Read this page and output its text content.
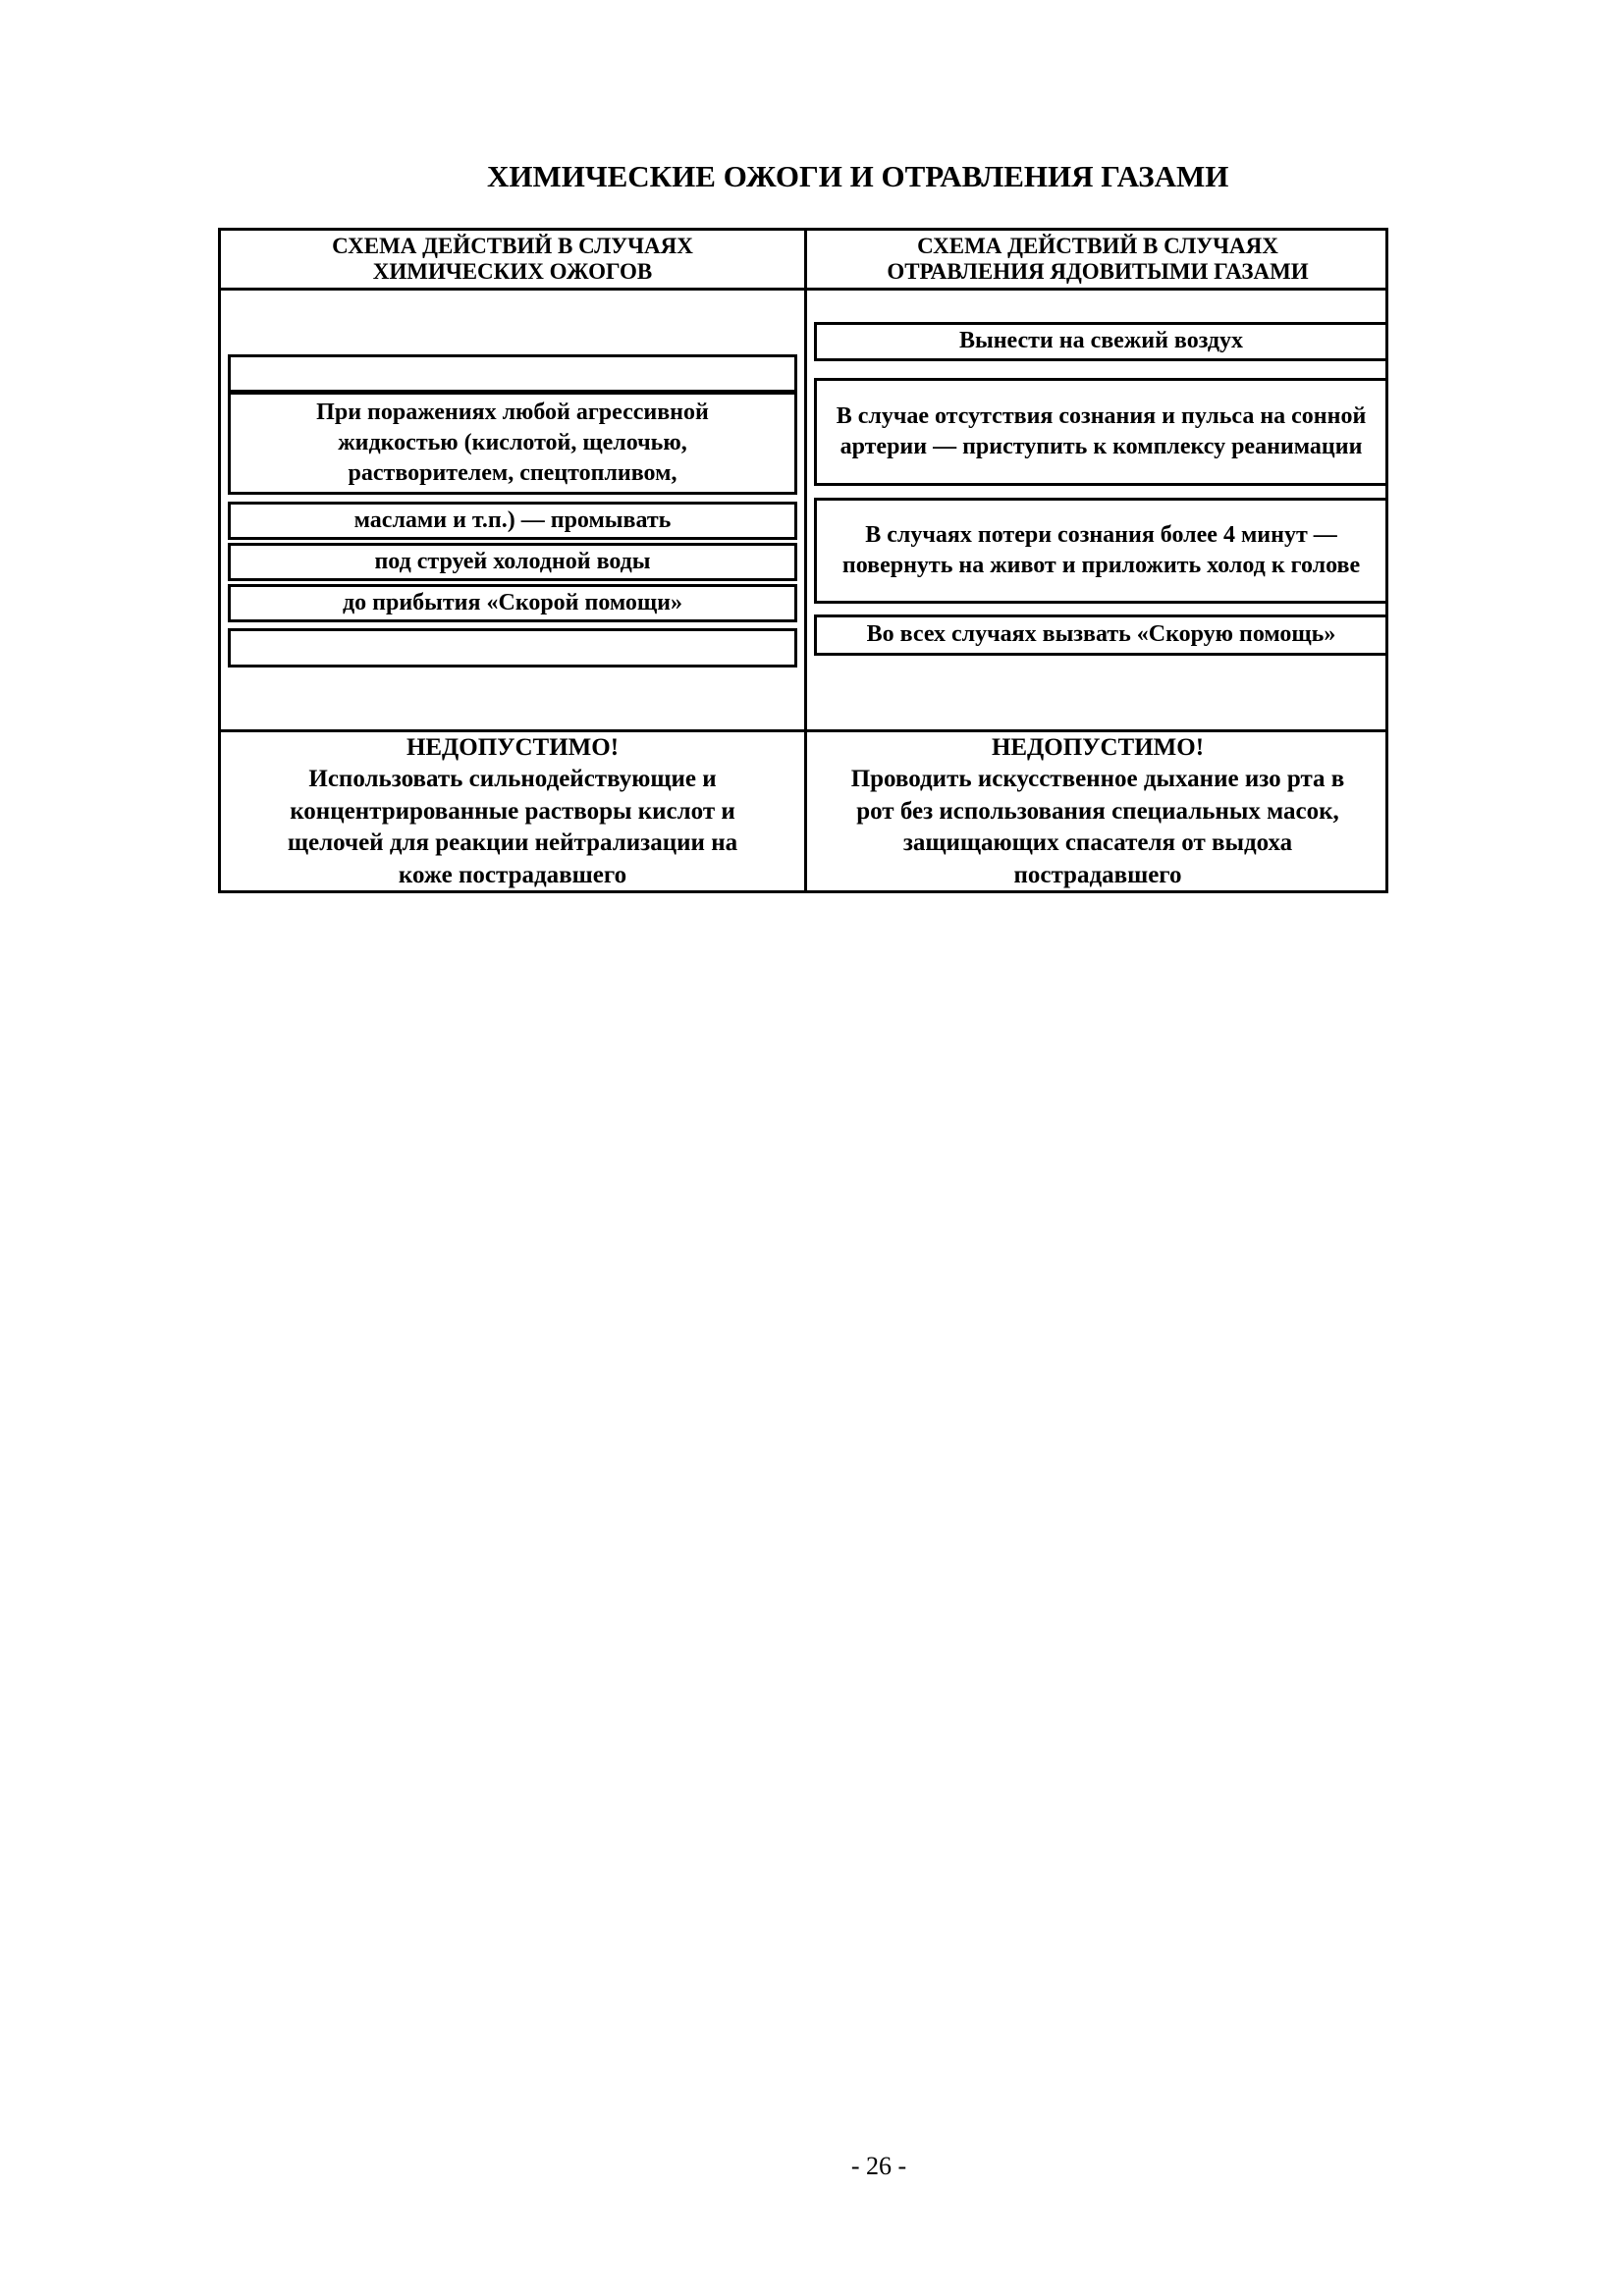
ХИМИЧЕСКИЕ ОЖОГИ И ОТРАВЛЕНИЯ ГАЗАМИ
СХЕМА ДЕЙСТВИЙ В СЛУЧАЯХ
ХИМИЧЕСКИХ ОЖОГОВ
СХЕМА ДЕЙСТВИЙ В СЛУЧАЯХ
ОТРАВЛЕНИЯ ЯДОВИТЫМИ ГАЗАМИ
При поражениях любой агрессивной жидкостью (кислотой, щелочью, растворителем, спецтопливом,
маслами и т.п.) — промывать
под струей холодной воды
до прибытия «Скорой помощи»
Вынести на свежий воздух
В случае отсутствия сознания и пульса на сонной артерии — приступить к комплексу реанимации
В случаях потери сознания более 4 минут — повернуть на живот и приложить холод к голове
Во всех случаях вызвать «Скорую помощь»
НЕДОПУСТИМО!
Использовать сильнодействующие и концентрированные растворы кислот и щелочей для реакции нейтрализации на коже пострадавшего
НЕДОПУСТИМО!
Проводить искусственное дыхание изо рта в рот без использования специальных масок, защищающих спасателя от выдоха пострадавшего
- 26 -
